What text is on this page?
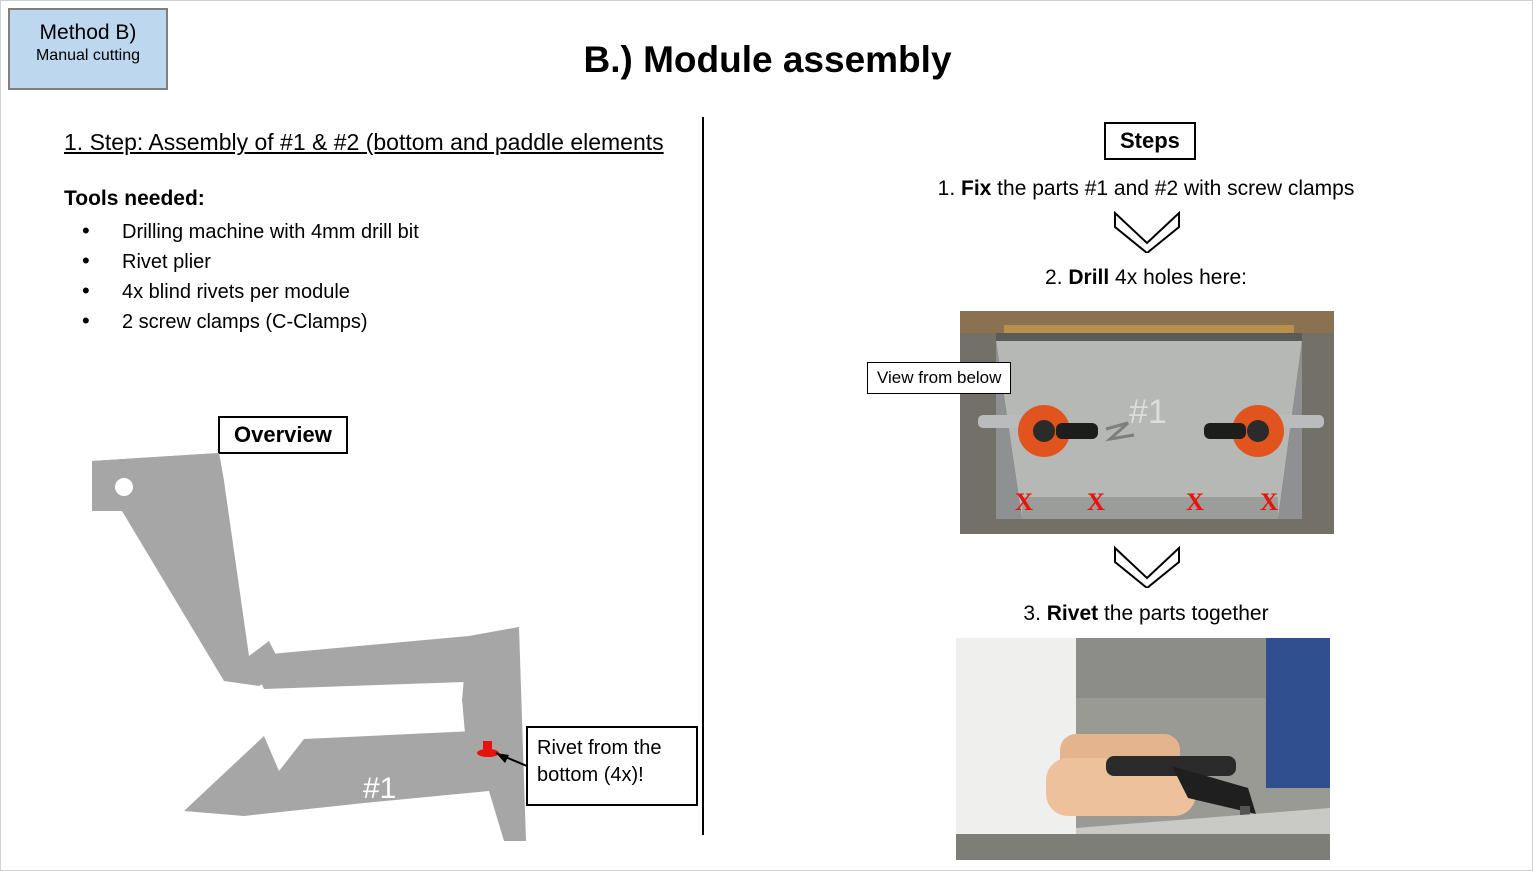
Method B)
Manual cutting	B.) Module assembly
1. Step: Assembly of #1 & #2 (bottom and paddle elements
Tools needed:
• Drilling machine with 4mm drill bit
• Rivet plier
• 4x blind rivets per module
• 2 screw clamps (C-Clamps)
Overview
#2
#1
Rivet from the bottom (4x)!
Steps
1. Fix the parts #1 and #2 with screw clamps
2. Drill 4x holes here:
View from below
#1
X X	X X
3. Rivet the parts together
